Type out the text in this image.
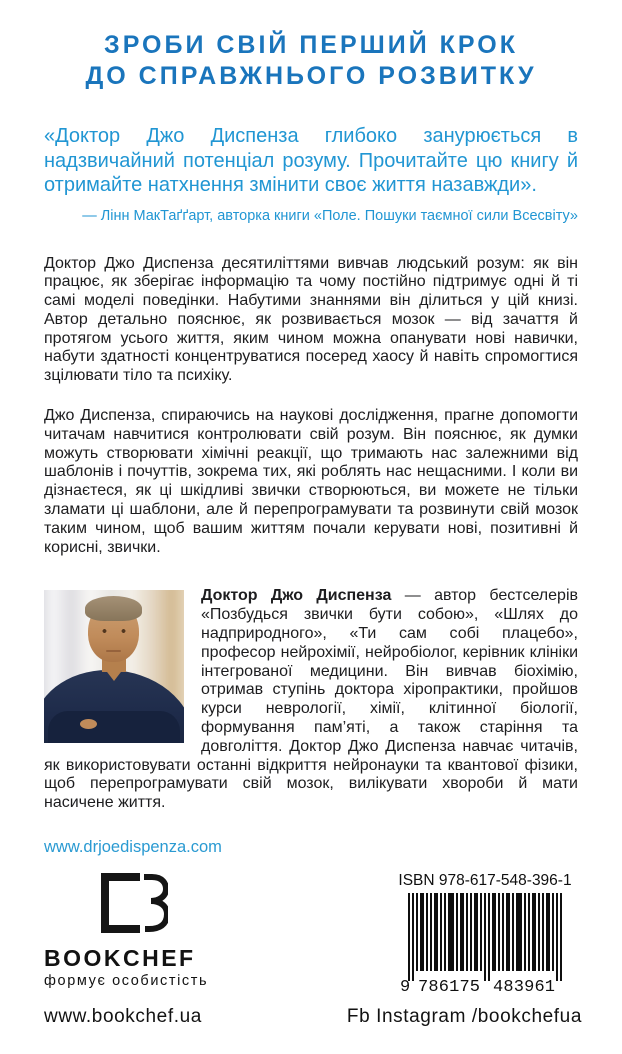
ЗРОБИ СВІЙ ПЕРШИЙ КРОК
ДО СПРАВЖНЬОГО РОЗВИТКУ
«Доктор Джо Диспенза глибоко занурюється в надзвичайний потенціал розуму. Прочитайте цю книгу й отримайте натхнення змінити своє життя назавжди».
— Лінн МакТаґґарт, авторка книги «Поле. Пошуки таємної сили Всесвіту»

Доктор Джо Диспенза десятиліттями вивчав людський розум: як він працює, як зберігає інформацію та чому постійно підтримує одні й ті самі моделі поведінки. Набутими знаннями він ділиться у цій книзі. Автор детально пояснює, як розвивається мозок — від зачаття й протягом усього життя, яким чином можна опанувати нові навички, набути здатності концентруватися посеред хаосу й навіть спромогтися зцілювати тіло та психіку.

Джо Диспенза, спираючись на наукові дослідження, прагне допомогти читачам навчитися контролювати свій розум. Він пояснює, як думки можуть створювати хімічні реакції, що тримають нас залежними від шаблонів і почуттів, зокрема тих, які роблять нас нещасними. І коли ви дізнаєтеся, як ці шкідливі звички створюються, ви можете не тільки зламати ці шаблони, але й перепрограмувати та розвинути свій мозок таким чином, щоб вашим життям почали керувати нові, позитивні й корисні, звички.

Доктор Джо Диспенза — автор бестселерів «Позбудься звички бути собою», «Шлях до надприродного», «Ти сам собі плацебо», професор нейрохімії, нейробіолог, керівник клініки інтегрованої медицини. Він вивчав біохімію, отримав ступінь доктора хіропрактики, пройшов курси неврології, хімії, клітинної біології, формування пам’яті, а також старіння та довголіття. Доктор Джо Диспенза навчає читачів, як використовувати останні відкриття нейронауки та квантової фізики, щоб перепрограмувати свій мозок, вилікувати хвороби й мати насичене життя.

www.drjoedispenza.com
BOOKCHEF
формує особистість
ISBN 978-617-548-396-1
9 786175 483961
www.bookchef.ua	Fb Instagram /bookchefua
